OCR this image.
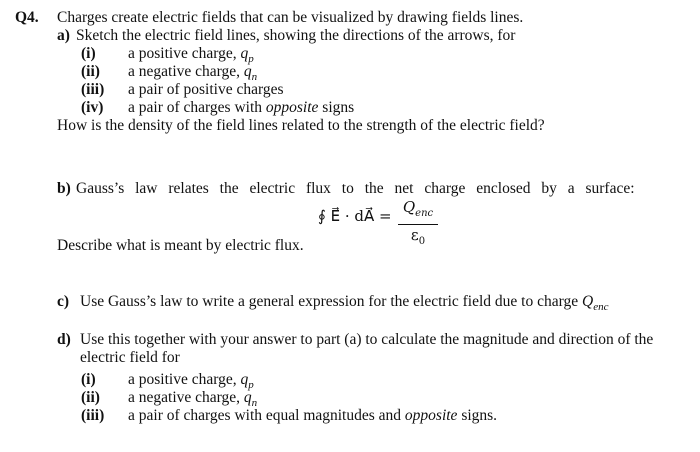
Q4. Charges create electric fields that can be visualized by drawing fields lines.
a) Sketch the electric field lines, showing the directions of the arrows, for
(i) a positive charge, $q_p$
(ii) a negative charge, $q_n$
(iii) a pair of positive charges
(iv) a pair of charges with opposite signs
How is the density of the field lines related to the strength of the electric field?
b) Gauss’s law relates the electric flux to the net charge enclosed by a surface:
∮ E⃗ · dA⃗ = $Q_{enc}$
$\varepsilon_0$
Describe what is meant by electric flux.
c) Use Gauss’s law to write a general expression for the electric field due to charge $Q_{enc}$
d) Use this together with your answer to part (a) to calculate the magnitude and direction of the
electric field for
(i) a positive charge, $q_p$
(ii) a negative charge, $q_n$
(iii) a pair of charges with equal magnitudes and opposite signs.
